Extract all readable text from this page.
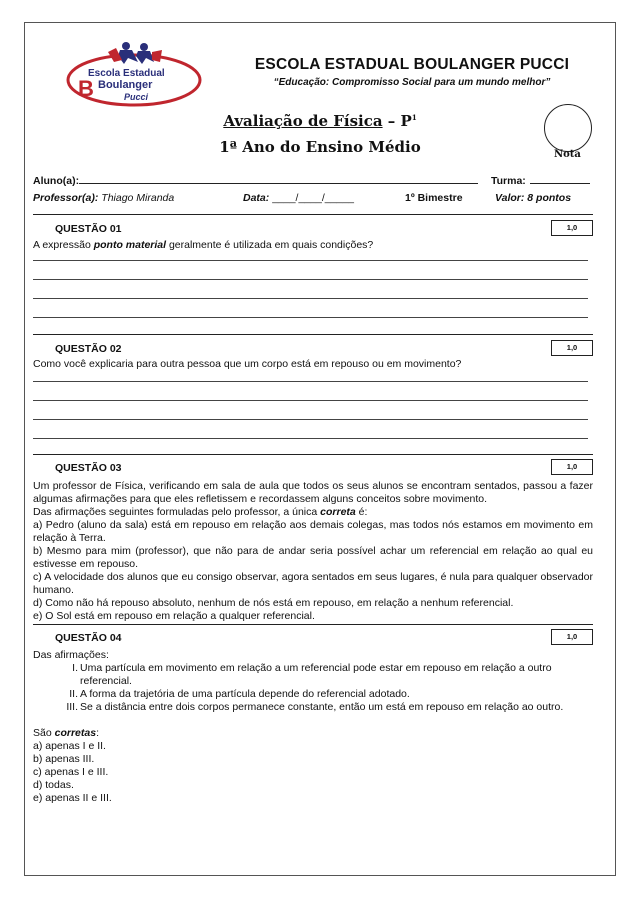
Escola Estadual
B Boulanger
Pucci
ESCOLA ESTADUAL BOULANGER PUCCI
“Educação: Compromisso Social para um mundo melhor”
Avaliação de Física – $P^1$
1ª Ano do Ensino Médio	Nota
Aluno(a):	Turma:
Professor(a): Thiago Miranda	Data: ____/____/_____	1º Bimestre	Valor: 8 pontos
QUESTÃO 01	1,0
A expressão ponto material geralmente é utilizada em quais condições?
QUESTÃO 02	1,0
Como você explicaria para outra pessoa que um corpo está em repouso ou em movimento?
QUESTÃO 03	1,0

Um professor de Física, verificando em sala de aula que todos os seus alunos se encontram sentados, passou a fazer algumas afirmações para que eles refletissem e recordassem alguns conceitos sobre movimento.

Das afirmações seguintes formuladas pelo professor, a única correta é:

a) Pedro (aluno da sala) está em repouso em relação aos demais colegas, mas todos nós estamos em movimento em relação à Terra.

b) Mesmo para mim (professor), que não para de andar seria possível achar um referencial em relação ao qual eu estivesse em repouso.

c) A velocidade dos alunos que eu consigo observar, agora sentados em seus lugares, é nula para qualquer observador humano.

d) Como não há repouso absoluto, nenhum de nós está em repouso, em relação a nenhum referencial.

e) O Sol está em repouso em relação a qualquer referencial.

QUESTÃO 04	1,0

Das afirmações:

I. Uma partícula em movimento em relação a um referencial pode estar em repouso em relação a outro referencial.
II. A forma da trajetória de uma partícula depende do referencial adotado.
III. Se a distância entre dois corpos permanece constante, então um está em repouso em relação ao outro.

São corretas:

a) apenas I e II.

b) apenas III.

c) apenas I e III.

d) todas.

e) apenas II e III.
